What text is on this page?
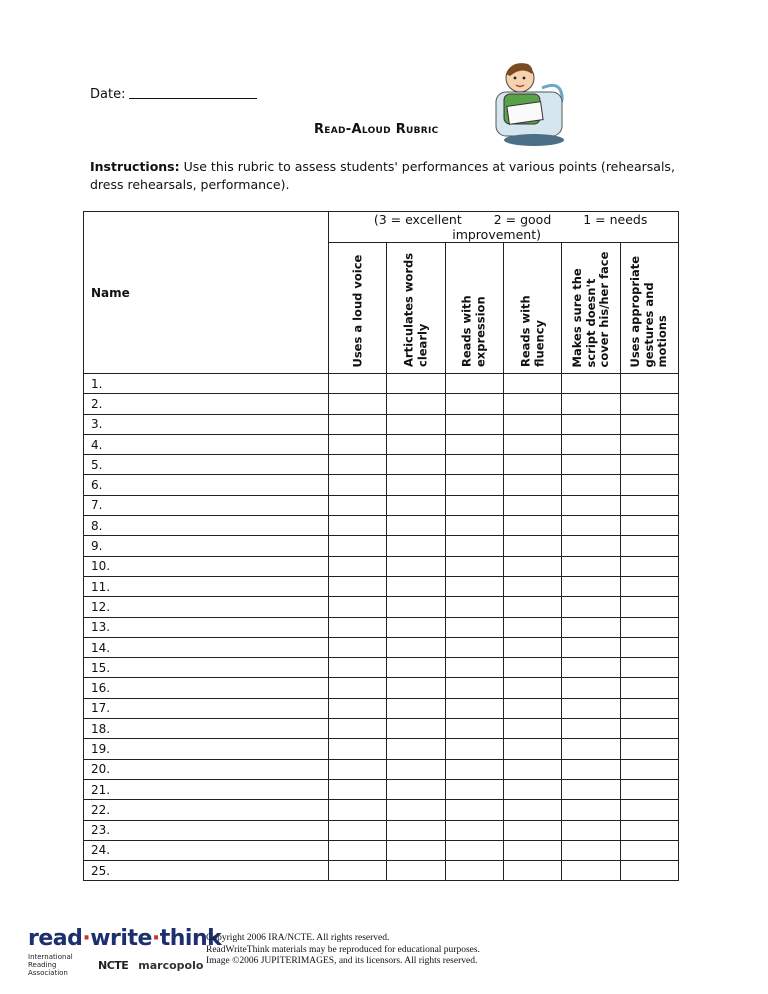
Date:
Read-Aloud Rubric
Instructions: Use this rubric to assess students' performances at various points (rehearsals, dress rehearsals, performance).
Name	(3 = excellent 2 = good 1 = needs improvement)					

	Uses a loud voice	Articulates words clearly	Reads with expression	Reads with fluency	Makes sure the script doesn't cover his/her face	Uses appropriate gestures and motions

1.						
2.						
3.						
4.						
5.						
6.						
7.						
8.						
9.						
10.						
11.						
12.						
13.						
14.						
15.						
16.						
17.						
18.						
19.						
20.						
21.						
22.						
23.						
24.						
25.						
read·write·think
International Reading Association
NCTE marcopolo
Copyright 2006 IRA/NCTE. All rights reserved.
ReadWriteThink materials may be reproduced for educational purposes.
Image ©2006 JUPITERIMAGES, and its licensors. All rights reserved.
